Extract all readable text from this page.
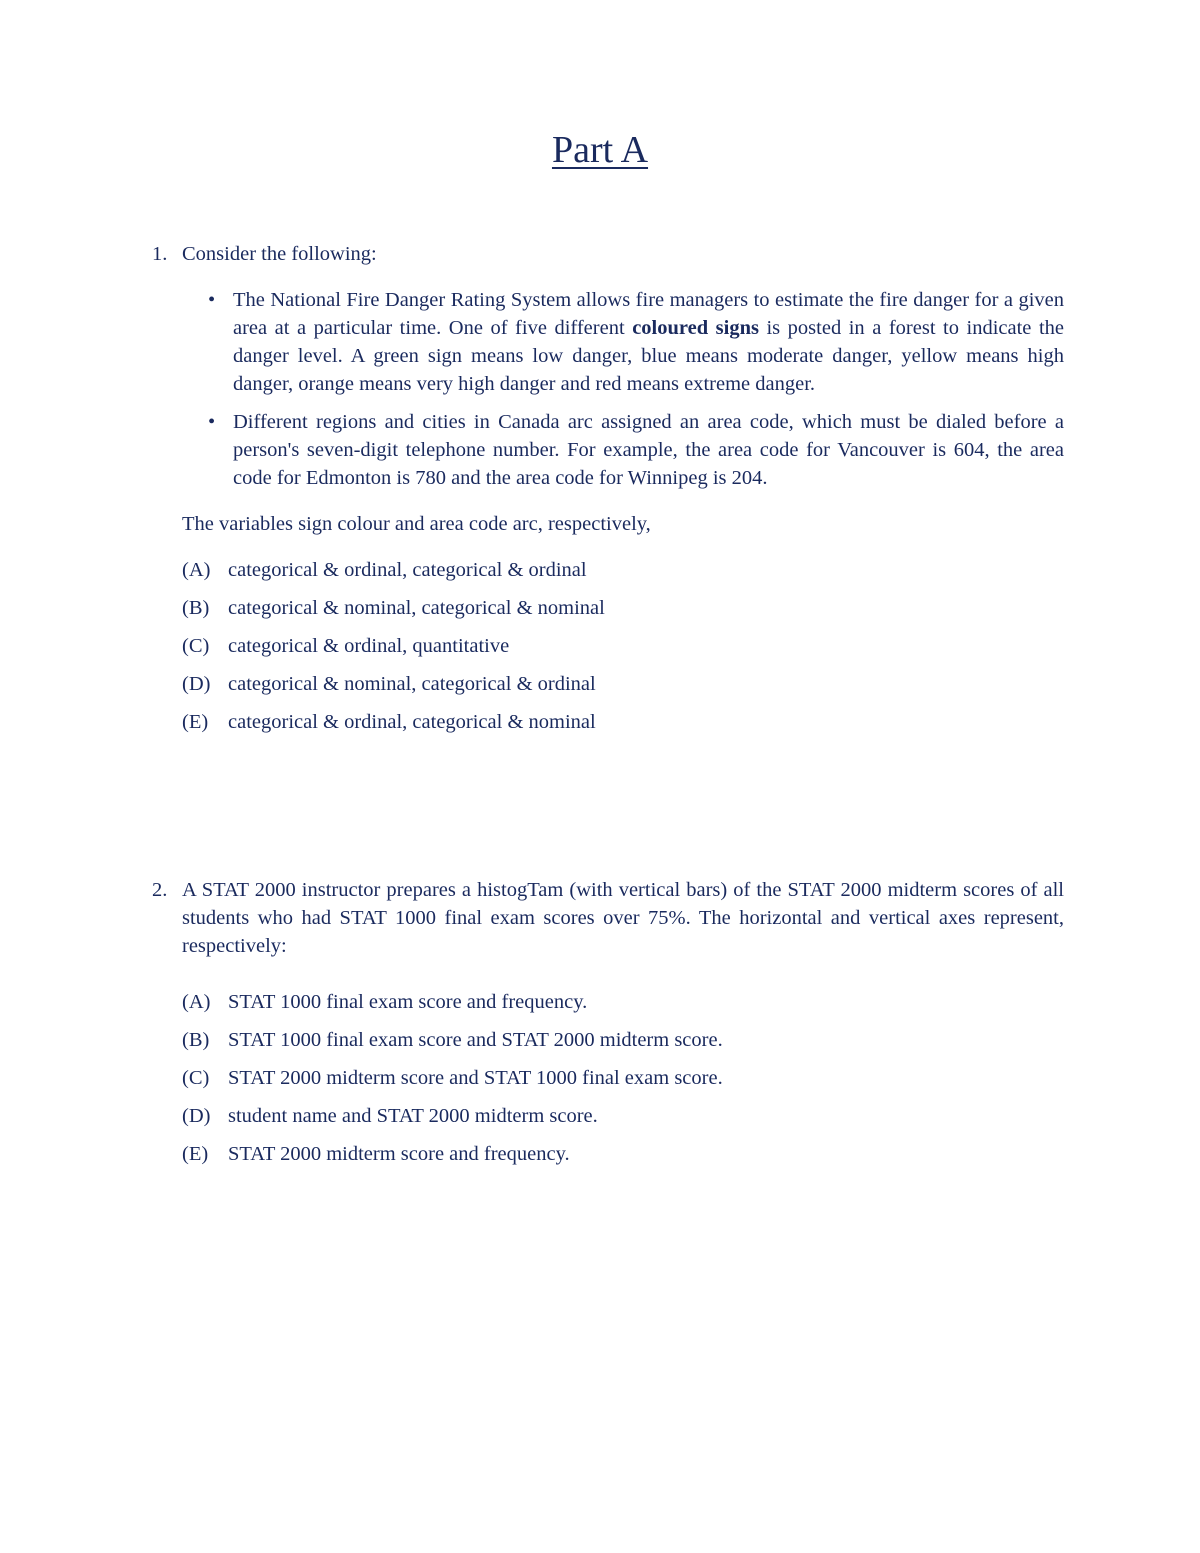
Part A
1. Consider the following:
• The National Fire Danger Rating System allows fire managers to estimate the fire danger for a given area at a particular time. One of five different coloured signs is posted in a forest to indicate the danger level. A green sign means low danger, blue means moderate danger, yellow means high danger, orange means very high danger and red means extreme danger.
• Different regions and cities in Canada arc assigned an area code, which must be dialed before a person's seven-digit telephone number. For example, the area code for Vancouver is 604, the area code for Edmonton is 780 and the area code for Winnipeg is 204.
The variables sign colour and area code arc, respectively,
(A) categorical & ordinal, categorical & ordinal
(B) categorical & nominal, categorical & nominal
(C) categorical & ordinal, quantitative
(D) categorical & nominal, categorical & ordinal
(E) categorical & ordinal, categorical & nominal
2. A STAT 2000 instructor prepares a histogTam (with vertical bars) of the STAT 2000 midterm scores of all students who had STAT 1000 final exam scores over 75%. The horizontal and vertical axes represent, respectively:
(A) STAT 1000 final exam score and frequency.
(B) STAT 1000 final exam score and STAT 2000 midterm score.
(C) STAT 2000 midterm score and STAT 1000 final exam score.
(D) student name and STAT 2000 midterm score.
(E) STAT 2000 midterm score and frequency.
